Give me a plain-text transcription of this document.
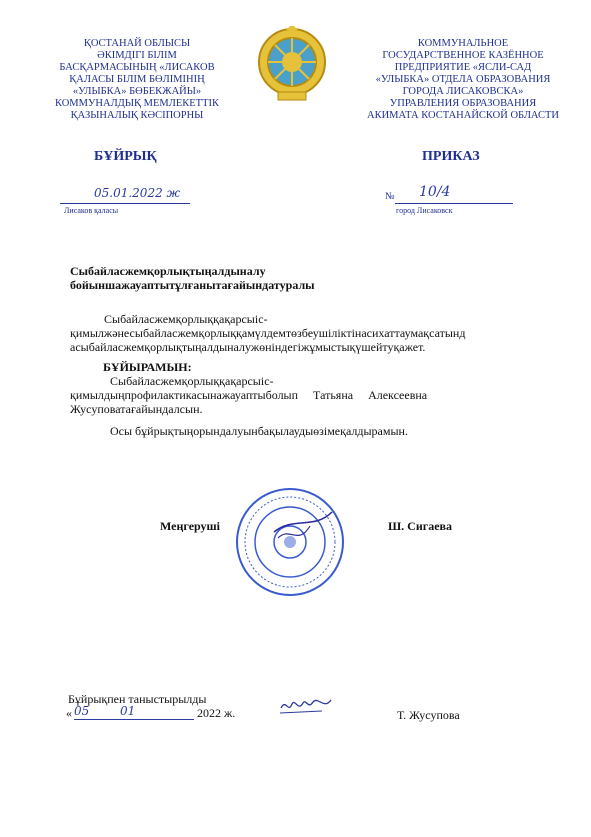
ҚОСТАНАЙ ОБЛЫСЫ
ӘКІМДІГІ БІЛІМ
БАСҚАРМАСЫНЫҢ «ЛИСАКОВ
ҚАЛАСЫ БІЛІМ БӨЛІМІНІҢ
«УЛЫБКА» БӨБЕКЖАЙЫ»
КОММУНАЛДЫҚ МЕМЛЕКЕТТІК
ҚАЗЫНАЛЫҚ КӘСІПОРНЫ
КОММУНАЛЬНОЕ
ГОСУДАРСТВЕННОЕ КАЗЁННОЕ
ПРЕДПРИЯТИЕ «ЯСЛИ-САД
«УЛЫБКА» ОТДЕЛА ОБРАЗОВАНИЯ
ГОРОДА ЛИСАКОВСКА»
УПРАВЛЕНИЯ ОБРАЗОВАНИЯ
АКИМАТА КОСТАНАЙСКОЙ ОБЛАСТИ
БҰЙРЫҚ	ПРИКАЗ
05.01.2022 ж
Лисаков қаласы
№ 10/4
город Лисаковск
Сыбайласжемқорлықтыңалдыналу
бойыншажауаптытұлғанытағайындатуралы
Сыбайласжемқорлыққақарсыіс-
қимылжәнесыбайласжемқорлыққамүлдемтөзбеушіліктінасихаттаумақсатынд
асыбайласжемқорлықтыңалдыналужөніндегіжұмыстықүшейтуқажет.
БҰЙЫРАМЫН:
Сыбайласжемқорлыққақарсыіс-
қимылдыңпрофилактикасынажауаптыболып     Татьяна     Алексеевна
Жусуповатағайындалсын.
Осы бұйрықтыңорындалуынбақылаудыөзімеқалдырамын.
Меңгеруші	Ш. Сигаева
Бұйрықпен таныстырылды
« 05	01	2022 ж.	Т. Жусупова
